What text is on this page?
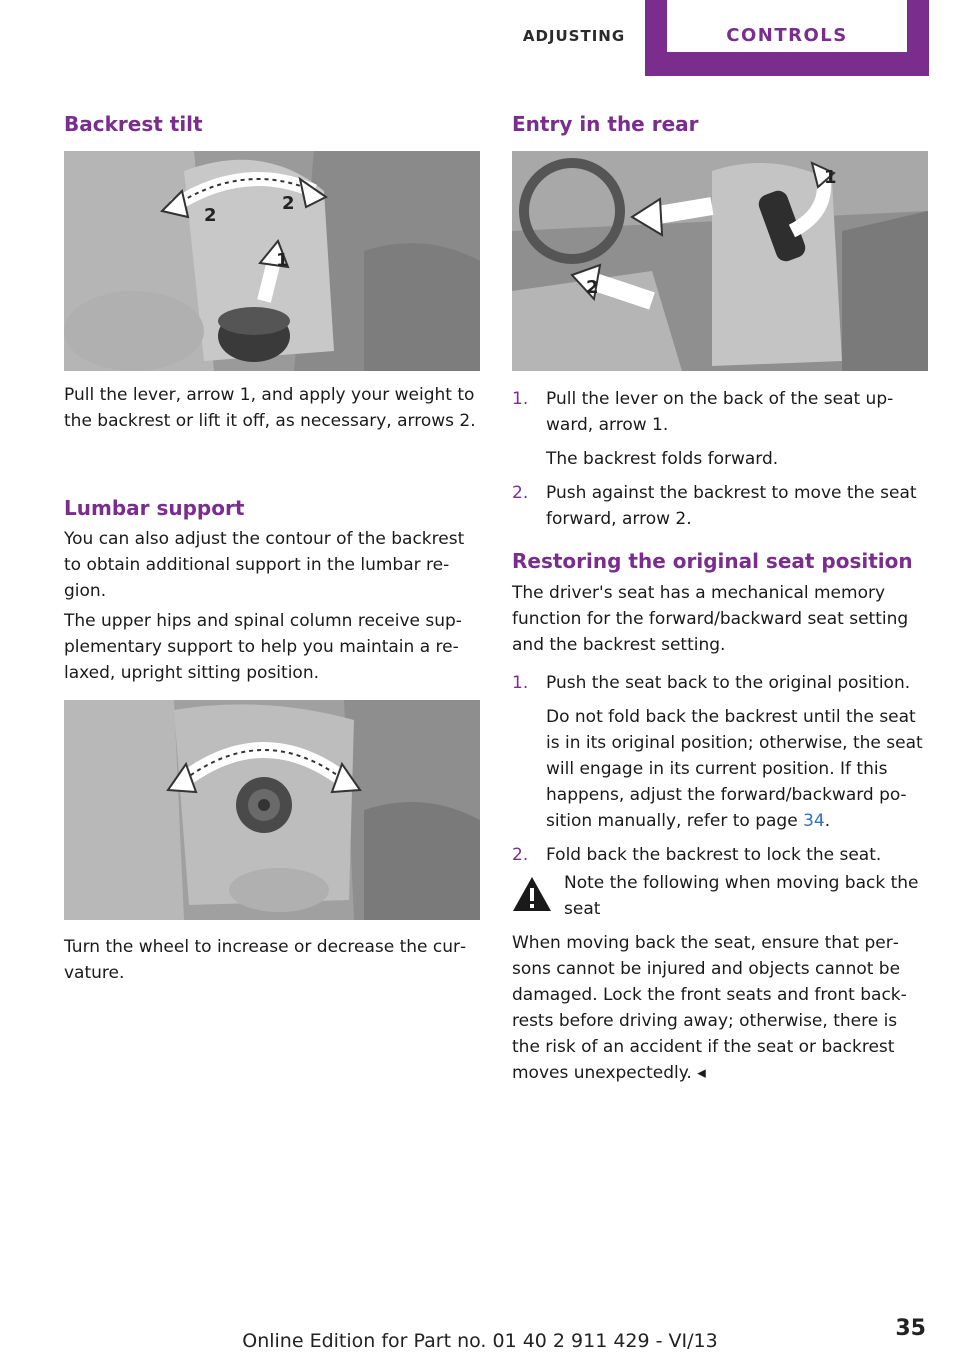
ADJUSTING	CONTROLS
Backrest tilt
2
2
1

Pull the lever, arrow 1, and apply your weight to the backrest or lift it off, as necessary, arrows 2.

Lumbar support

You can also adjust the contour of the backrest to obtain additional support in the lumbar region.

The upper hips and spinal column receive supplementary support to help you maintain a relaxed, upright sitting position.

Turn the wheel to increase or decrease the curvature.

Entry in the rear
1
2
1. Pull the lever on the back of the seat upward, arrow 1.
The backrest folds forward.
2. Push against the backrest to move the seat forward, arrow 2.
Restoring the original seat position

The driver's seat has a mechanical memory function for the forward/backward seat setting and the backrest setting.

1. Push the seat back to the original position.
Do not fold back the backrest until the seat is in its original position; otherwise, the seat will engage in its current position. If this happens, adjust the forward/backward position manually, refer to page 34.
2. Fold back the backrest to lock the seat.
Note the following when moving back the seat

When moving back the seat, ensure that persons cannot be injured and objects cannot be damaged. Lock the front seats and front backrests before driving away; otherwise, there is the risk of an accident if the seat or backrest moves unexpectedly. ◂

35
Online Edition for Part no. 01 40 2 911 429 - VI/13
